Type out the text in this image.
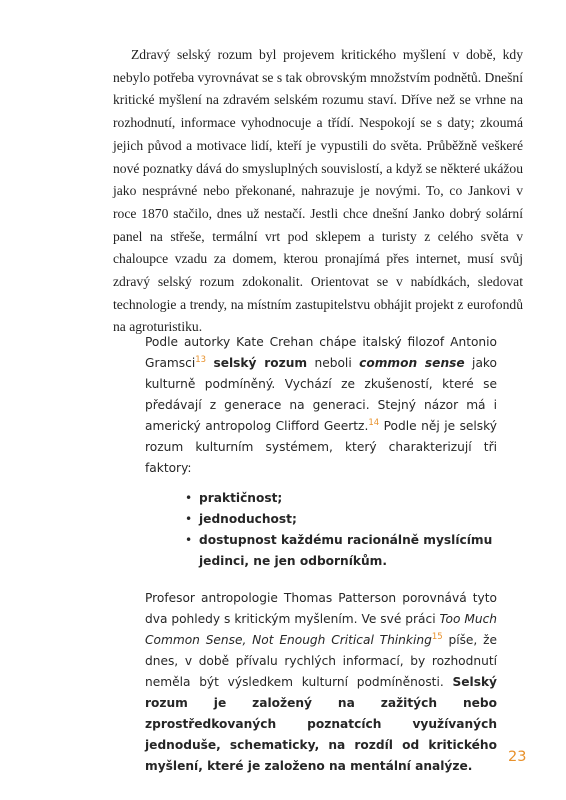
Zdravý selský rozum byl projevem kritického myšlení v době, kdy nebylo potřeba vyrovnávat se s tak obrovským množstvím podnětů. Dnešní kritické myšlení na zdravém selském rozumu staví. Dříve než se vrhne na rozhodnutí, informace vyhodnocuje a třídí. Nespokojí se s daty; zkoumá jejich původ a motivace lidí, kteří je vypustili do světa. Průběžně veškeré nové poznatky dává do smysluplných souvislostí, a když se některé ukážou jako nesprávné nebo překonané, nahrazuje je novými. To, co Jankovi v roce 1870 stačilo, dnes už nestačí. Jestli chce dnešní Janko dobrý solární panel na střeše, termální vrt pod sklepem a turisty z celého světa v chaloupce vzadu za domem, kterou pronajímá přes internet, musí svůj zdravý selský rozum zdokonalit. Orientovat se v nabídkách, sledovat technologie a trendy, na místním zastupitelstvu obhájit projekt z eurofondů na agroturistiku.

Podle autorky Kate Crehan chápe italský filozof Antonio Gramsci$^{13}$ selský rozum neboli common sense jako kulturně podmíněný. Vychází ze zkušeností, které se předávají z generace na generaci. Stejný názor má i americký antropolog Clifford Geertz.$^{14}$ Podle něj je selský rozum kulturním systémem, který charakterizují tři faktory:

• praktičnost;
• jednoduchost;
• dostupnost každému racionálně myslícímu jedinci, ne jen odborníkům.

Profesor antropologie Thomas Patterson porovnává tyto dva pohledy s kritickým myšlením. Ve své práci Too Much Common Sense, Not Enough Critical Thinking$^{15}$ píše, že dnes, v době přívalu rychlých informací, by rozhodnutí neměla být výsledkem kulturní podmíněnosti. Selský rozum je založený na zažitých nebo zprostředkovaných poznatcích využívaných jednoduše, schematicky, na rozdíl od kritického myšlení, které je založeno na mentální analýze.

23
